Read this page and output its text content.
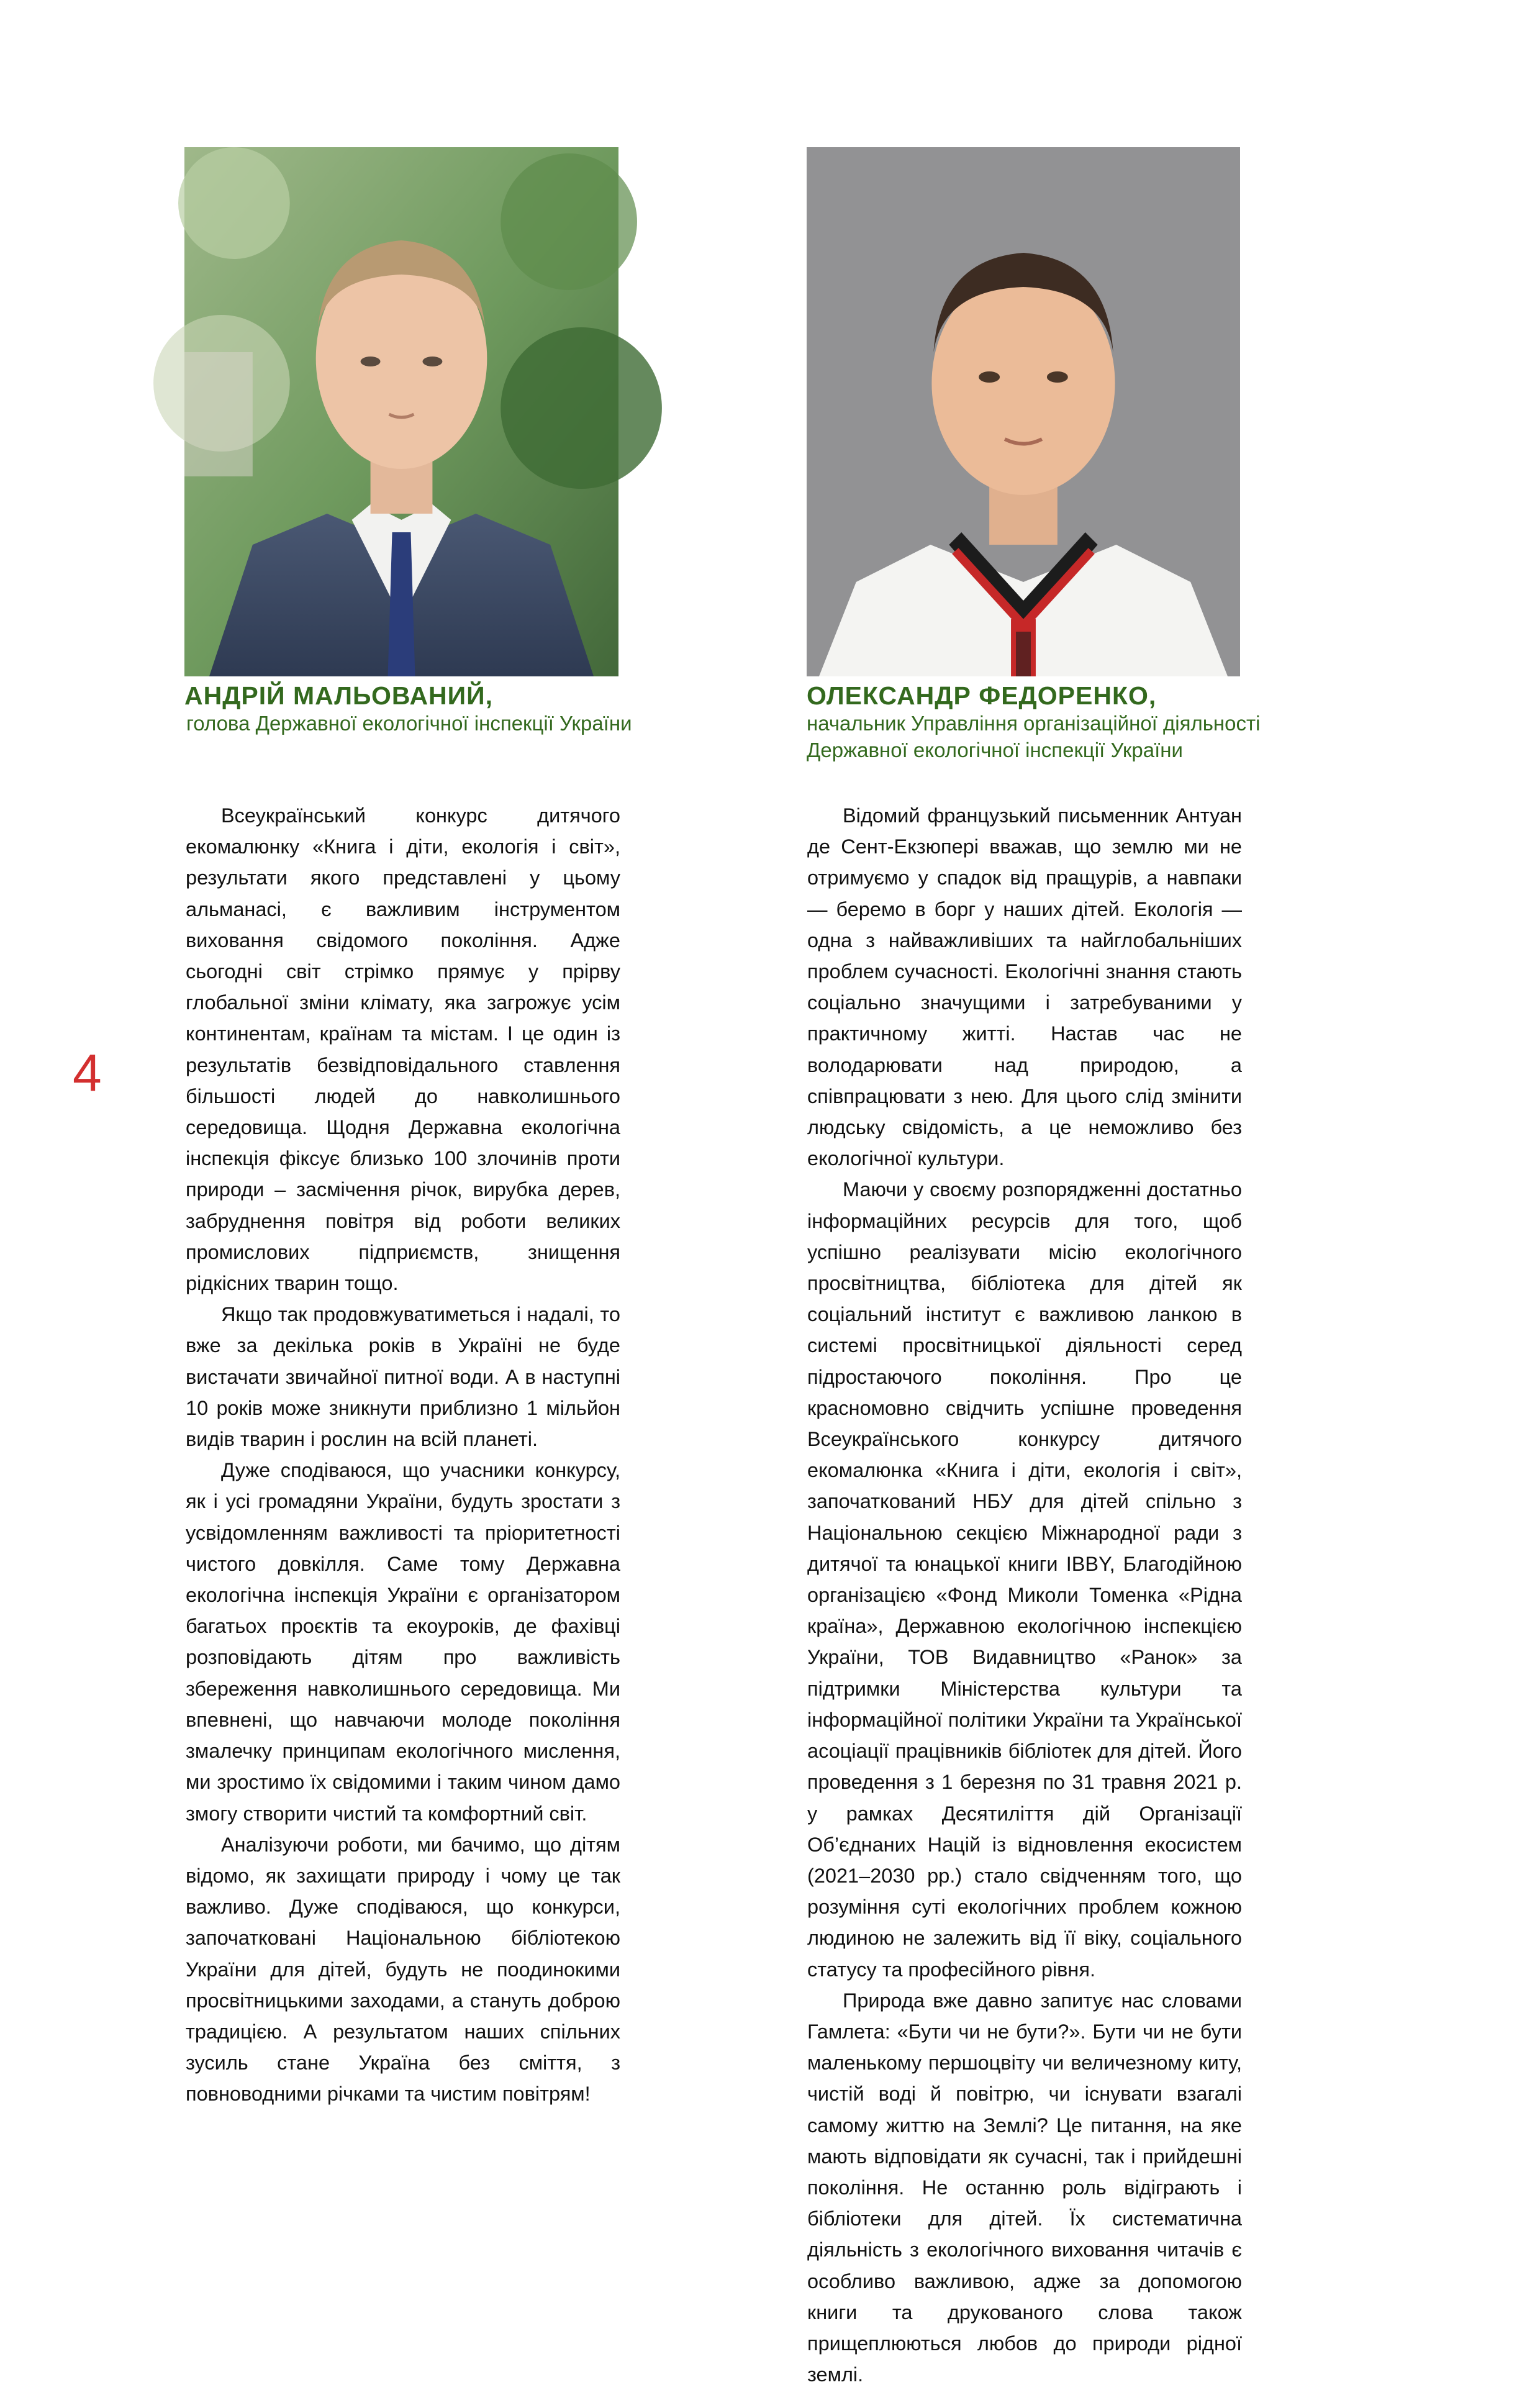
АНДРІЙ МАЛЬОВАНИЙ,
голова Державної екологічної інспекції України
ОЛЕКСАНДР ФЕДОРЕНКО,
начальник Управління організаційної діяльності
Державної екологічної інспекції України
4

Всеукраїнський конкурс дитячого екомалюнку «Книга і діти, екологія і світ», результати якого представлені у цьому альманасі, є важливим інструментом виховання свідомого покоління. Адже сьогодні світ стрімко прямує у прірву глобальної зміни клімату, яка загрожує усім континентам, країнам та містам. І це один із результатів безвідповідального ставлення більшості людей до навколишнього середовища. Щодня Державна екологічна інспекція фіксує близько 100 злочинів проти природи – засмічення річок, вирубка дерев, забруднення повітря від роботи великих промислових підприємств, знищення рідкісних тварин тощо.

Якщо так продовжуватиметься і надалі, то вже за декілька років в Україні не буде вистачати звичайної питної води. А в наступні 10 років може зникнути приблизно 1 мільйон видів тварин і рослин на всій планеті.

Дуже сподіваюся, що учасники конкурсу, як і усі громадяни України, будуть зростати з усвідомленням важливості та пріоритетності чистого довкілля. Саме тому Державна екологічна інспекція України є організатором багатьох проєктів та екоуроків, де фахівці розповідають дітям про важливість збереження навколишнього середовища. Ми впевнені, що навчаючи молоде покоління змалечку принципам екологічного мислення, ми зростимо їх свідомими і таким чином дамо змогу створити чистий та комфортний світ.

Аналізуючи роботи, ми бачимо, що дітям відомо, як захищати природу і чому це так важливо. Дуже сподіваюся, що конкурси, започатковані Національною бібліотекою України для дітей, будуть не поодинокими просвітницькими заходами, а стануть доброю традицією. А результатом наших спільних зусиль стане Україна без сміття, з повноводними річками та чистим повітрям!

Відомий французький письменник Антуан де Сент-Екзюпері вважав, що землю ми не отримуємо у спадок від пращурів, а навпаки — беремо в борг у наших дітей. Екологія — одна з найважливіших та найглобальніших проблем сучасності. Екологічні знання стають соціально значущими і затребуваними у практичному житті. Настав час не володарювати над природою, а співпрацювати з нею. Для цього слід змінити людську свідомість, а це неможливо без екологічної культури.

Маючи у своєму розпорядженні достатньо інформаційних ресурсів для того, щоб успішно реалізувати місію екологічного просвітництва, бібліотека для дітей як соціальний інститут є важливою ланкою в системі просвітницької діяльності серед підростаючого покоління. Про це красномовно свідчить успішне проведення Всеукраїнського конкурсу дитячого екомалюнка «Книга і діти, екологія і світ», започаткований НБУ для дітей спільно з Національною секцією Міжнародної ради з дитячої та юнацької книги IBBY, Благодійною організацією «Фонд Миколи Томенка «Рідна країна», Державною екологічною інспекцією України, ТОВ Видавництво «Ранок» за підтримки Міністерства культури та інформаційної політики України та Української асоціації працівників бібліотек для дітей. Його проведення з 1 березня по 31 травня 2021 р. у рамках Десятиліття дій Організації Об’єднаних Націй із відновлення екосистем (2021–2030 рр.) стало свідченням того, що розуміння суті екологічних проблем кожною людиною не залежить від її віку, соціального статусу та професійного рівня.

Природа вже давно запитує нас словами Гамлета: «Бути чи не бути?». Бути чи не бути маленькому першоцвіту чи величезному киту, чистій воді й повітрю, чи існувати взагалі самому життю на Землі? Це питання, на яке мають відповідати як сучасні, так і прийдешні покоління. Не останню роль відіграють і бібліотеки для дітей. Їх систематична діяльність з екологічного виховання читачів є особливо важливою, адже за допомогою книги та друкованого слова також прищеплюються любов до природи рідної землі.
